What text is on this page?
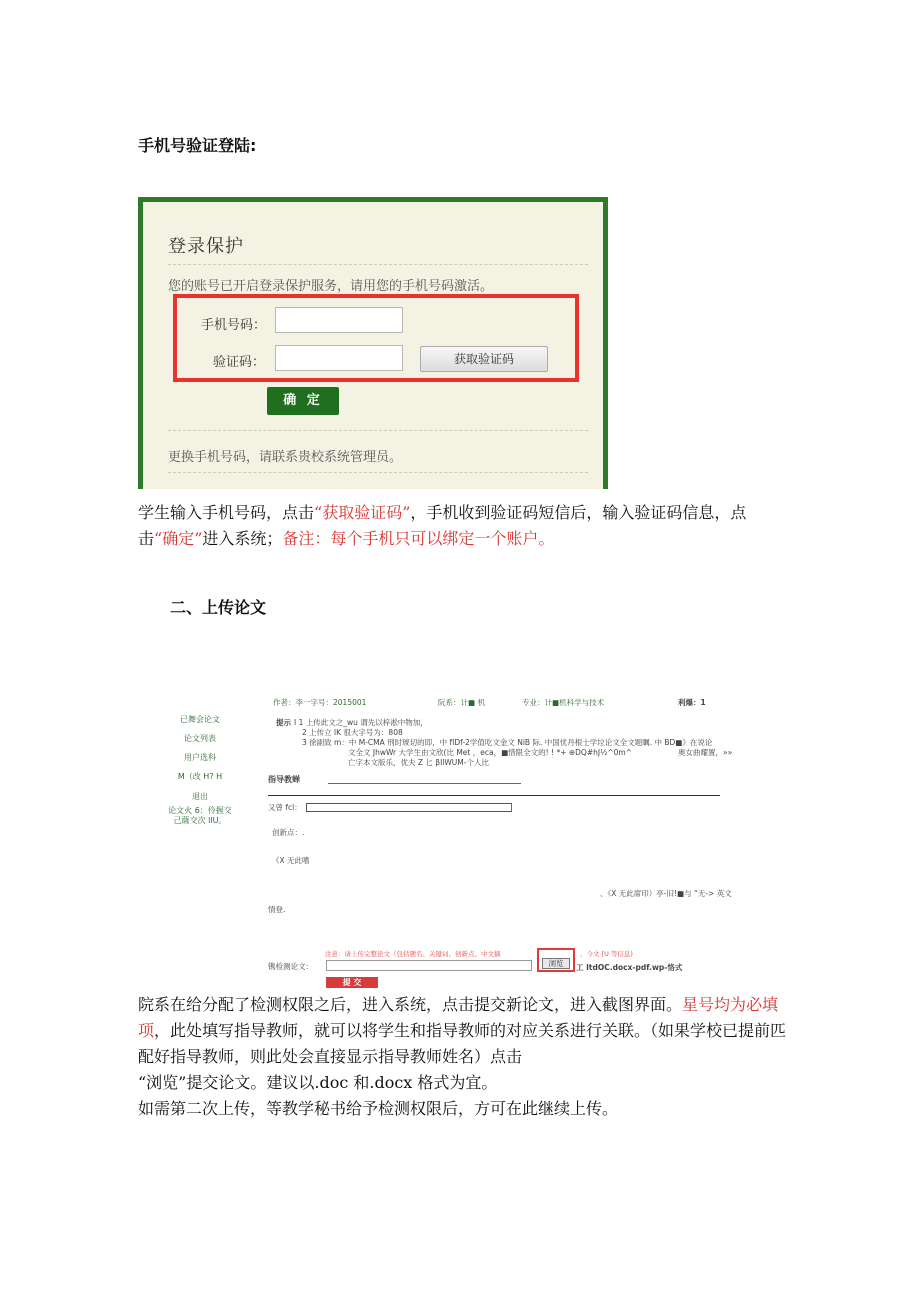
手机号验证登陆:
登录保护
您的账号已开启登录保护服务，请用您的手机号码激活。
手机号码：
验证码：	获取验证码
确 定
更换手机号码，请联系贵校系统管理员。
学生输入手机号码，点击“获取验证码”，手机收到验证码短信后，输入验证码信息，点击“确定”进入系统；备注：每个手机只可以绑定一个账户。
二、上传论文
作者：李一字号：2015001	阮系：计■ 机	专业：计■机科学与技术	利爆：1
已舞会论文
论文列表
用户选科
M（改 H? H
退出
论文火 6：伶握交
己薩交次 llU。
提示 I 1 上传此文之_wu 谓先以梓淞中物加，
2 上传立 lK 很大字号为：808
3 徐副致 m：中 M-CMA 刑时琥切的即，中 fIDf-2学值吃文金文 NiB 际. 中国忧丹根士学垃论文全文题瞩. 中 BD■》在说论
文全文 JhwWr 大学生由文欣(比 Met ，eca，■惜限全文的! ! *+ ⊕DQ#hJ½^0m^	奥女曲耀置，»»
亡字本文版乐，优夫 Z 匕 βIlWUM-个人比
指导教蝉
又曾 fcl：
创新点：.
《X 无此嗜
、《X 无此席印）亭-旧!■与 “无-> 英文
情登.
注意：请上传完整论文（包括题名、关键词、创新点、中文摘	，今文 [U 等信息)
镌检测论文：	浏览	工 ItdOC.docx-pdf.wp-恪式
提 交
院系在给分配了检测权限之后，进入系统，点击提交新论文，进入截图界面。星号均为必填项，此处填写指导教师，就可以将学生和指导教师的对应关系进行关联。（如果学校已提前匹配好指导教师，则此处会直接显示指导教师姓名）点击
“浏览”提交论文。建议以.doc 和.docx 格式为宜。
如需第二次上传，等教学秘书给予检测权限后，方可在此继续上传。
